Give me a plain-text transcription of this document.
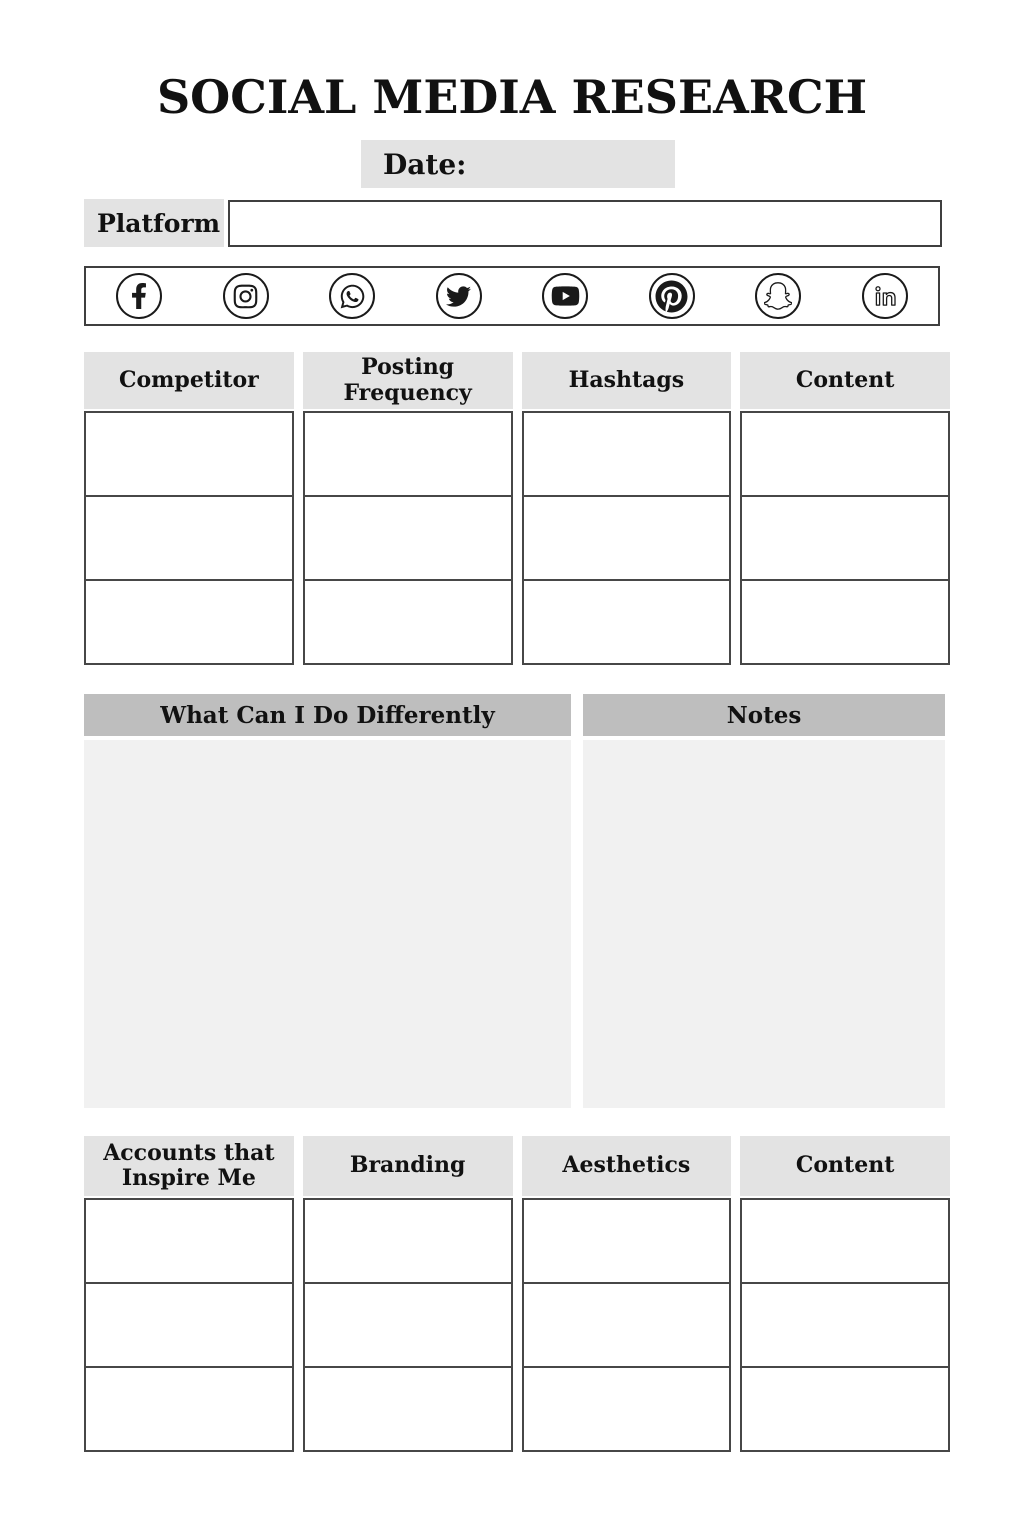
SOCIAL MEDIA RESEARCH
Date:
Platform
Competitor	Posting Frequency	Hashtags	Content
What Can I Do Differently	Notes
Accounts that Inspire Me	Branding	Aesthetics	Content
